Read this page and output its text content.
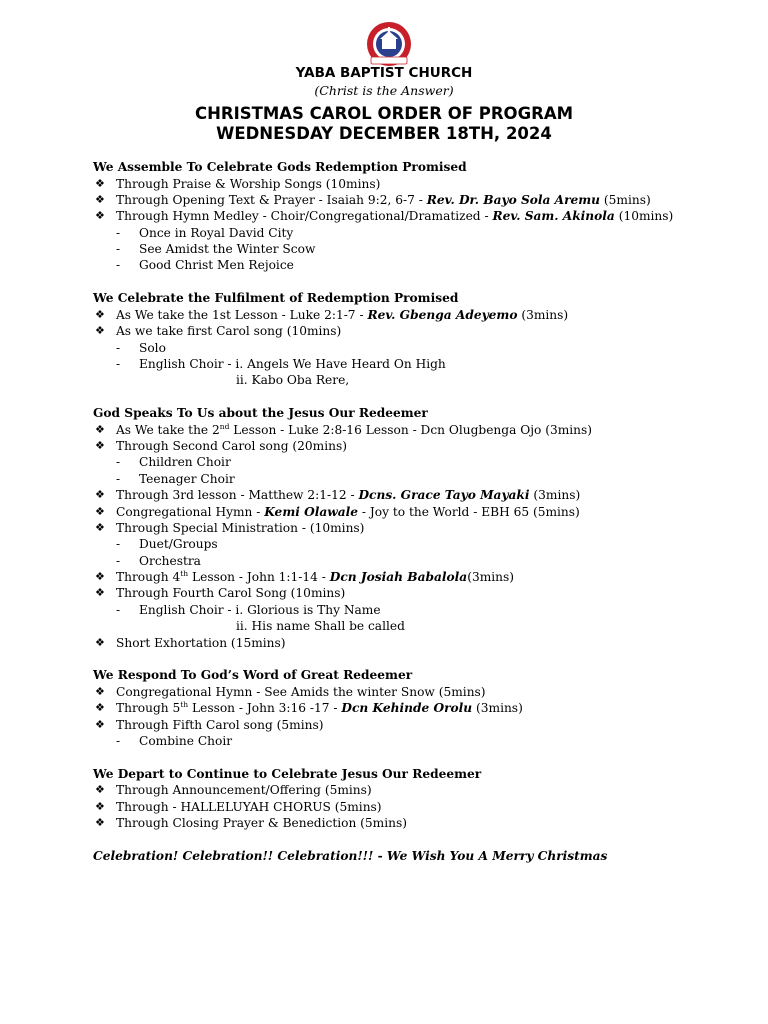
YABA BAPTIST CHURCH
(Christ is the Answer)
CHRISTMAS CAROL ORDER OF PROGRAM
WEDNESDAY DECEMBER 18TH, 2024
We Assemble To Celebrate Gods Redemption Promised
❖ Through Praise & Worship Songs (10mins)
❖ Through Opening Text & Prayer - Isaiah 9:2, 6-7 - Rev. Dr. Bayo Sola Aremu (5mins)
❖ Through Hymn Medley - Choir/Congregational/Dramatized - Rev. Sam. Akinola (10mins)
- Once in Royal David City
- See Amidst the Winter Scow
- Good Christ Men Rejoice
We Celebrate the Fulfilment of Redemption Promised
❖ As We take the 1st Lesson - Luke 2:1-7 - Rev. Gbenga Adeyemo (3mins)
❖ As we take first Carol song (10mins)
- Solo
- English Choir - i. Angels We Have Heard On High
ii. Kabo Oba Rere,
God Speaks To Us about the Jesus Our Redeemer
❖ As We take the 2nd Lesson - Luke 2:8-16 Lesson - Dcn Olugbenga Ojo (3mins)
❖ Through Second Carol song (20mins)
- Children Choir
- Teenager Choir
❖ Through 3rd lesson - Matthew 2:1-12 - Dcns. Grace Tayo Mayaki (3mins)
❖ Congregational Hymn - Kemi Olawale - Joy to the World - EBH 65 (5mins)
❖ Through Special Ministration - (10mins)
- Duet/Groups
- Orchestra
❖ Through 4th Lesson - John 1:1-14 - Dcn Josiah Babalola(3mins)
❖ Through Fourth Carol Song (10mins)
- English Choir - i. Glorious is Thy Name
ii. His name Shall be called
❖ Short Exhortation (15mins)
We Respond To God’s Word of Great Redeemer
❖ Congregational Hymn - See Amids the winter Snow (5mins)
❖ Through 5th Lesson - John 3:16 -17 - Dcn Kehinde Orolu (3mins)
❖ Through Fifth Carol song (5mins)
- Combine Choir
We Depart to Continue to Celebrate Jesus Our Redeemer
❖ Through Announcement/Offering (5mins)
❖ Through - HALLELUYAH CHORUS (5mins)
❖ Through Closing Prayer & Benediction (5mins)
Celebration! Celebration!! Celebration!!! - We Wish You A Merry Christmas
